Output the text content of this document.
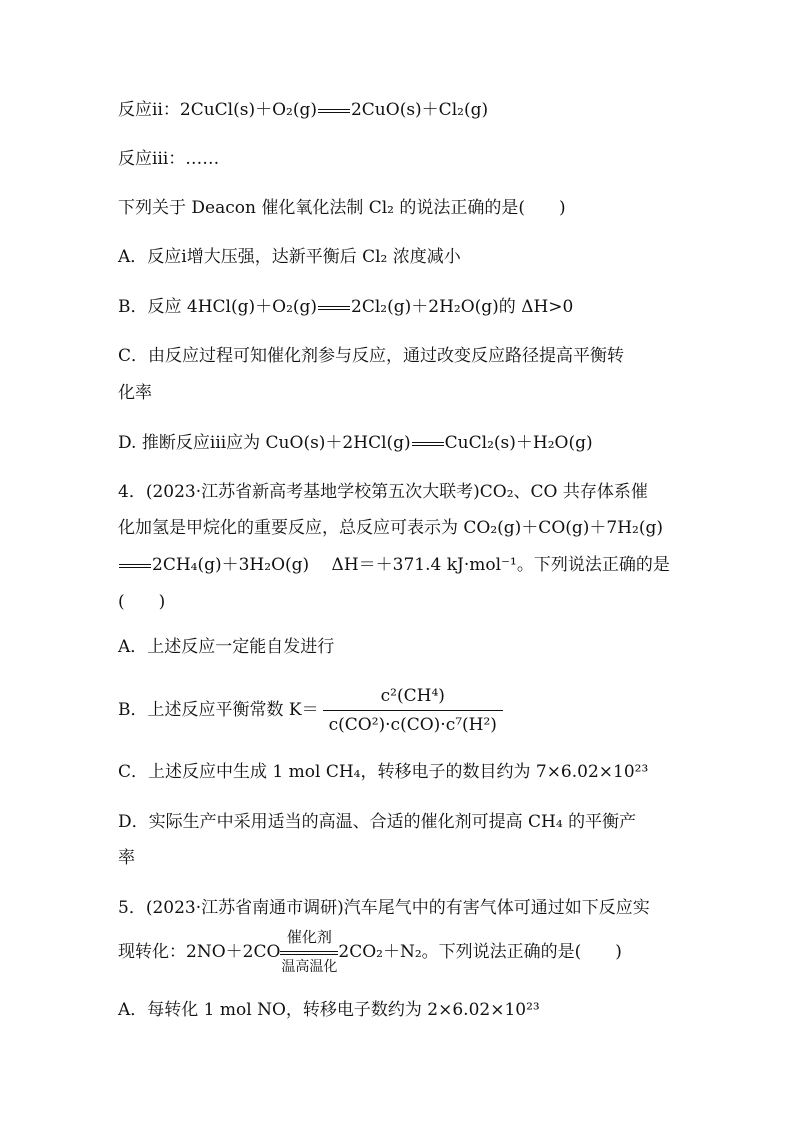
反应ⅱ：2CuCl(s)＋O₂(g) 2CuO(s)＋Cl₂(g)
反应ⅲ：……
下列关于 Deacon 催化氧化法制 Cl₂ 的说法正确的是(　　)
A．反应ⅰ增大压强，达新平衡后 Cl₂ 浓度减小
B．反应 4HCl(g)＋O₂(g) 2Cl₂(g)＋2H₂O(g)的 ΔH>0
C．由反应过程可知催化剂参与反应，通过改变反应路径提高平衡转
化率
D. 推断反应ⅲ应为 CuO(s)＋2HCl(g) CuCl₂(s)＋H₂O(g)
4．(2023·江苏省新高考基地学校第五次大联考)CO₂、CO 共存体系催
化加氢是甲烷化的重要反应，总反应可表示为 CO₂(g)＋CO(g)＋7H₂(g)
2CH₄(g)＋3H₂O(g)　 ΔH＝＋371.4 kJ·mol⁻¹。下列说法正确的是
(　　)
A．上述反应一定能自发进行
B．上述反应平衡常数 $K= \frac{\text{c²(CH⁴)}}{\text{c(CO²)·c(CO)·c⁷(H²)}}$
C．上述反应中生成 1 mol CH₄，转移电子的数目约为 7×6.02×10²³
D．实际生产中采用适当的高温、合适的催化剂可提高 CH₄ 的平衡产
率
5．(2023·江苏省南通市调研)汽车尾气中的有害气体可通过如下反应实
现转化：2NO＋2CO
催化剂
温高温化
2CO₂＋N₂。下列说法正确的是(　　)
A．每转化 1 mol NO，转移电子数约为 2×6.02×10²³
